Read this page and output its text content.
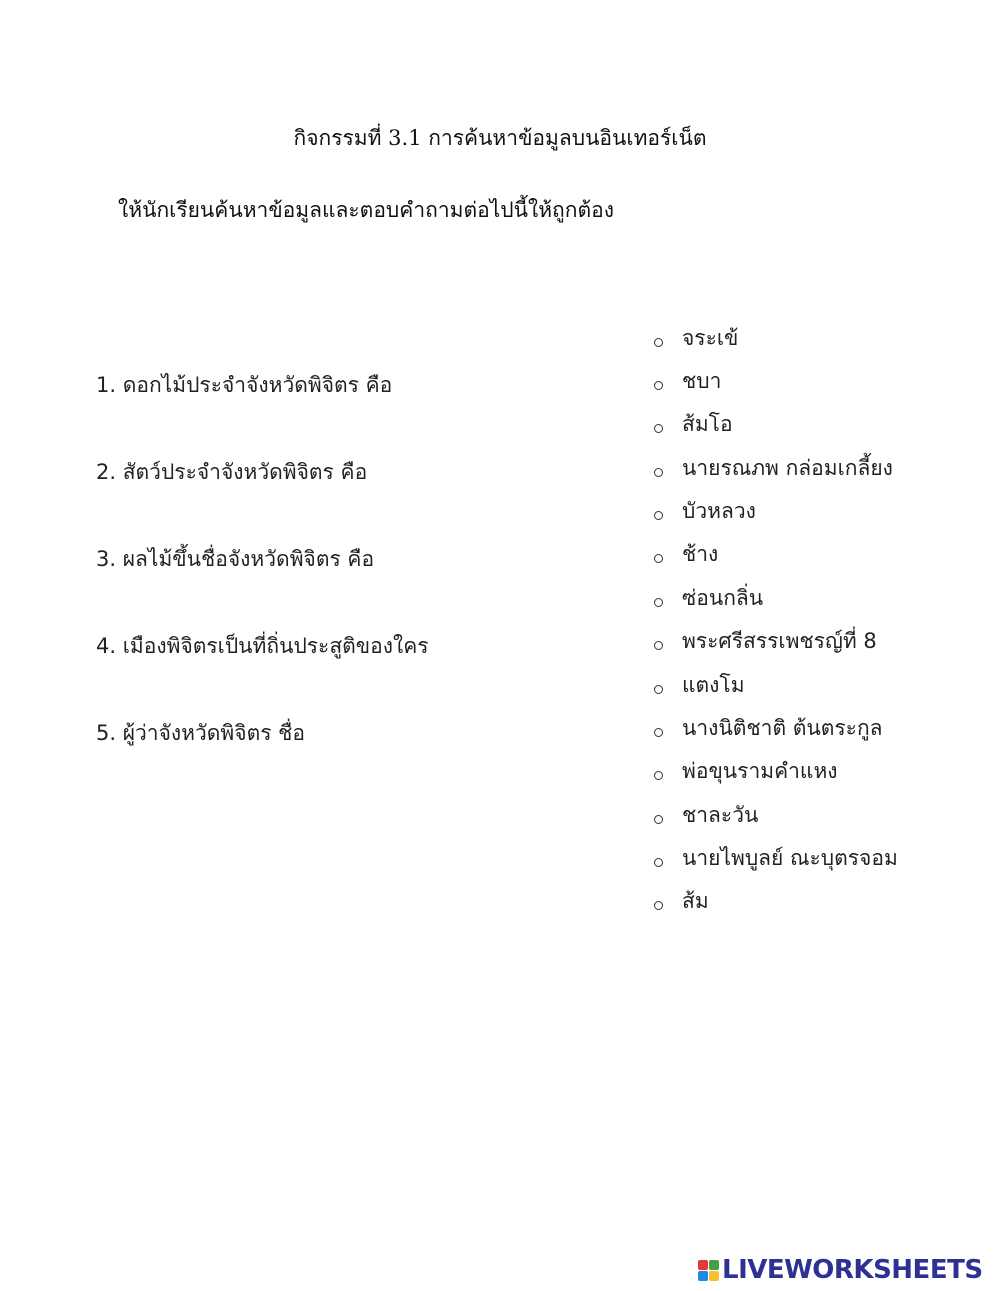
กิจกรรมที่ 3.1 การค้นหาข้อมูลบนอินเทอร์เน็ต
ให้นักเรียนค้นหาข้อมูลและตอบคำถามต่อไปนี้ให้ถูกต้อง
1. ดอกไม้ประจำจังหวัดพิจิตร คือ
2. สัตว์ประจำจังหวัดพิจิตร คือ
3. ผลไม้ขึ้นชื่อจังหวัดพิจิตร คือ
4. เมืองพิจิตรเป็นที่ถิ่นประสูติของใคร
5. ผู้ว่าจังหวัดพิจิตร ชื่อ
จระเข้
ชบา
ส้มโอ
นายรณภพ กล่อมเกลี้ยง
บัวหลวง
ช้าง
ซ่อนกลิ่น
พระศรีสรรเพชรญ์ที่ 8
แตงโม
นางนิติชาติ ต้นตระกูล
พ่อขุนรามคำแหง
ชาละวัน
นายไพบูลย์ ณะบุตรจอม
ส้ม
LIVEWORKSHEETS
